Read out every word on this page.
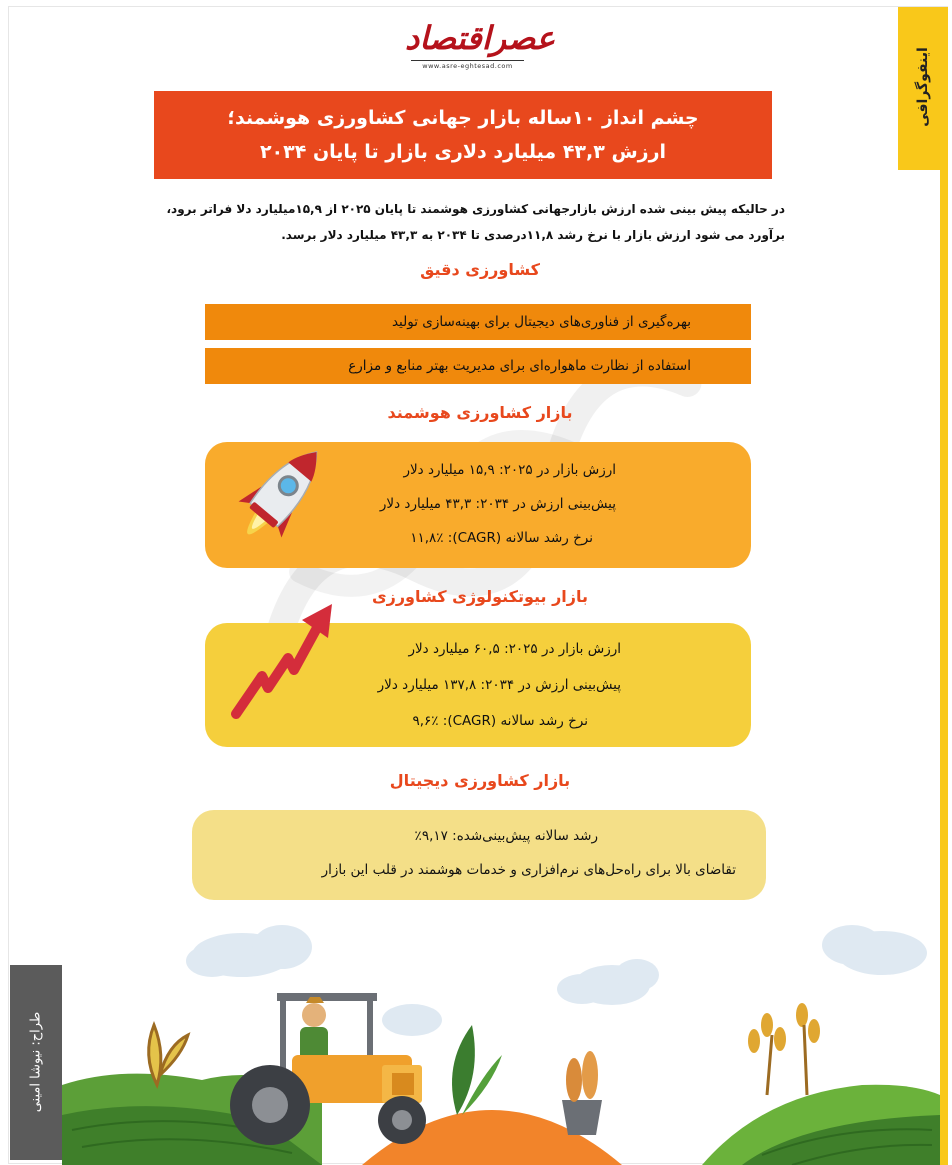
عصراقتصاد
www.asre-eghtesad.com	اینفوگرافی
چشم انداز ۱۰ساله بازار جهانی کشاورزی هوشمند؛
ارزش ۴۳,۳ میلیارد دلاری بازار تا پایان ۲۰۳۴
در حالیکه پیش بینی شده ارزش بازارجهانی کشاورزی هوشمند تا پایان ۲۰۲۵ از ۱۵,۹میلیارد دلا فراتر برود،
برآورد می شود ارزش بازار با نرخ رشد ۱۱,۸درصدی تا ۲۰۳۴ به ۴۳,۳ میلیارد دلار برسد.
کشاورزی دقیق
بهره‌گیری از فناوری‌های دیجیتال برای بهینه‌سازی تولید
استفاده از نظارت ماهواره‌ای برای مدیریت بهتر منابع و مزارع
بازار کشاورزی هوشمند
ارزش بازار در ۲۰۲۵: ۱۵,۹ میلیارد دلار
پیش‌بینی ارزش در ۲۰۳۴: ۴۳,۳ میلیارد دلار
نرخ رشد سالانه (CAGR): ۱۱,۸٪
بازار بیوتکنولوژی کشاورزی
ارزش بازار در ۲۰۲۵: ۶۰,۵ میلیارد دلار
پیش‌بینی ارزش در ۲۰۳۴: ۱۳۷,۸ میلیارد دلار
نرخ رشد سالانه (CAGR): ۹,۶٪
بازار کشاورزی دیجیتال
رشد سالانه پیش‌بینی‌شده: ۹,۱۷٪
تقاضای بالا برای راه‌حل‌های نرم‌افزاری و خدمات هوشمند در قلب این بازار
طراح: نیوشا امینی
